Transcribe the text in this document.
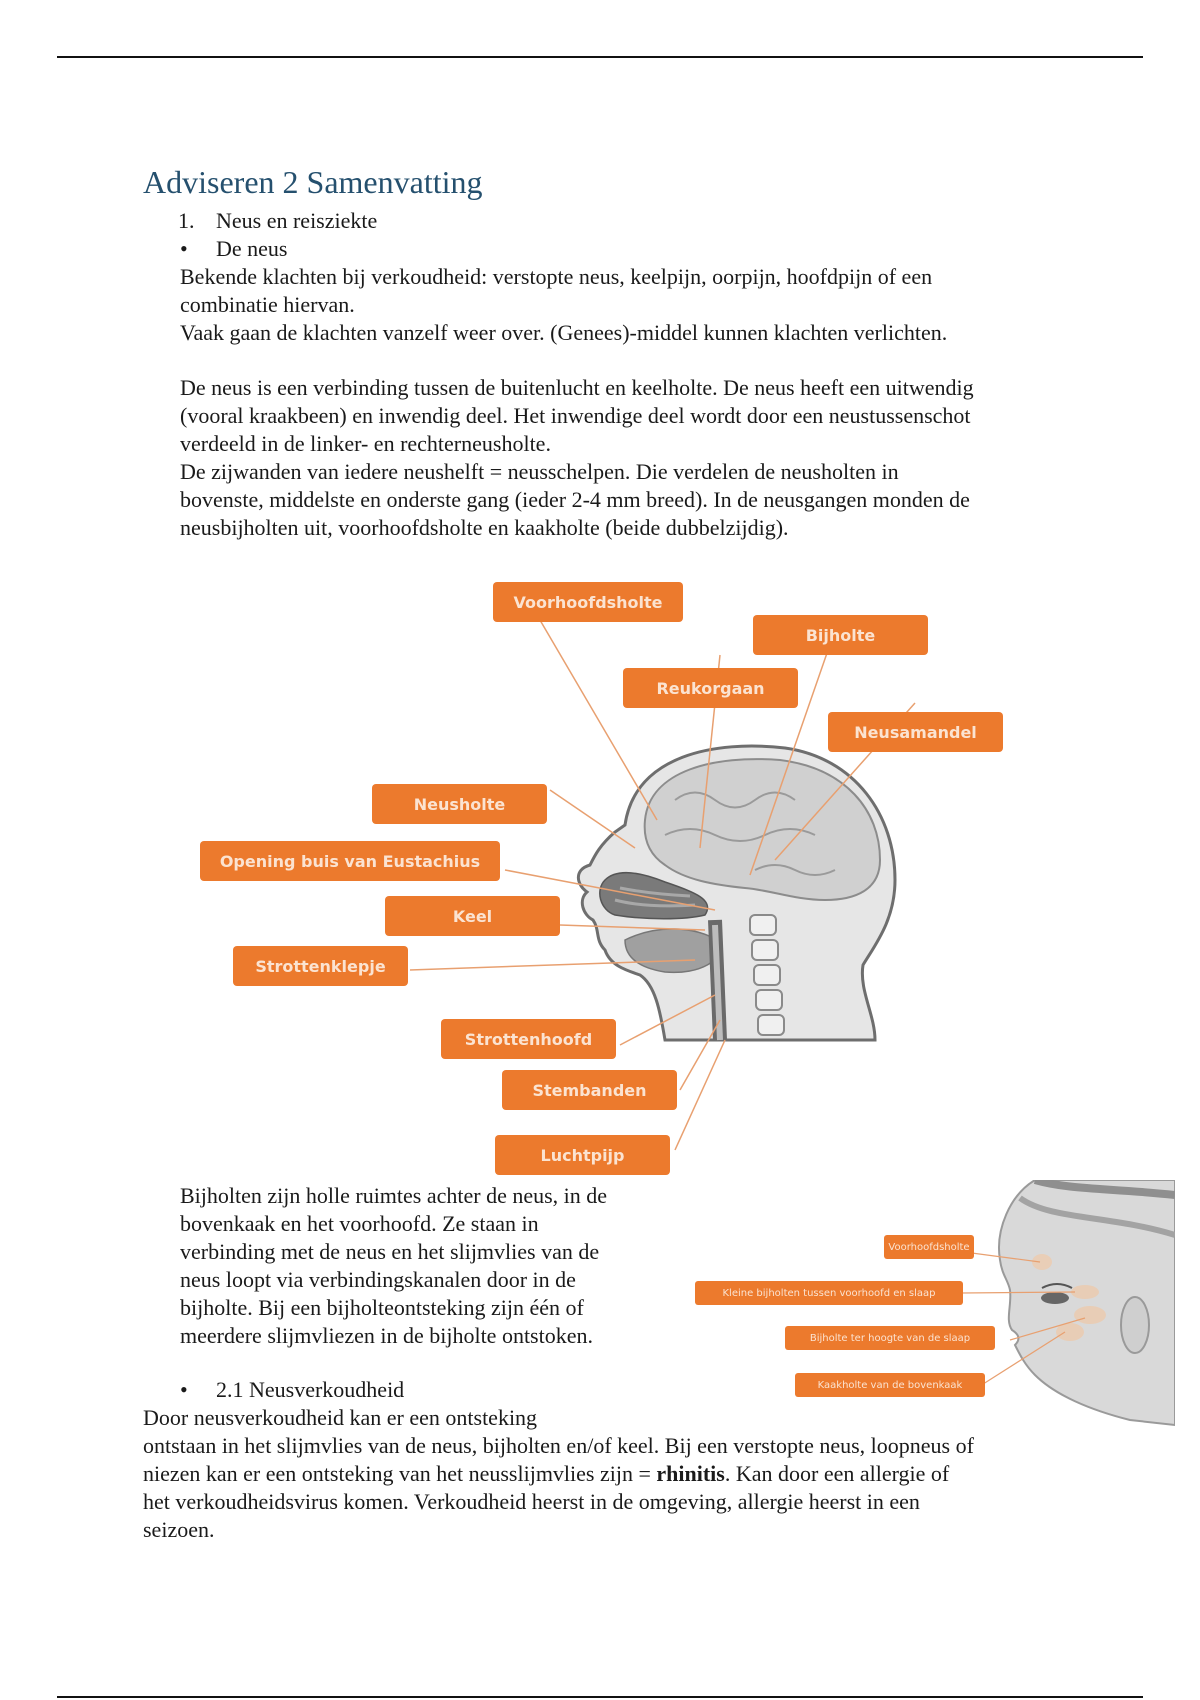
Adviseren 2 Samenvatting
1. Neus en reisziekte
• De neus

Bekende klachten bij verkoudheid: verstopte neus, keelpijn, oorpijn, hoofdpijn of een
combinatie hiervan.
Vaak gaan de klachten vanzelf weer over. (Genees)-middel kunnen klachten verlichten.

De neus is een verbinding tussen de buitenlucht en keelholte. De neus heeft een uitwendig
(vooral kraakbeen) en inwendig deel. Het inwendige deel wordt door een neustussenschot
verdeeld in de linker- en rechterneusholte.
De zijwanden van iedere neushelft = neusschelpen. Die verdelen de neusholten in
bovenste, middelste en onderste gang (ieder 2-4 mm breed). In de neusgangen monden de
neusbijholten uit, voorhoofdsholte en kaakholte (beide dubbelzijdig).

Voorhoofdsholte
Bijholte
Reukorgaan
Neusamandel
Neusholte
Opening buis van Eustachius
Keel
Strottenklepje
Strottenhoofd
Stembanden
Luchtpijp

Bijholten zijn holle ruimtes achter de neus, in de
bovenkaak en het voorhoofd. Ze staan in
verbinding met de neus en het slijmvlies van de
neus loopt via verbindingskanalen door in de
bijholte. Bij een bijholteontsteking zijn één of
meerdere slijmvliezen in de bijholte ontstoken.

Voorhoofdsholte
Kleine bijholten tussen voorhoofd en slaap
Bijholte ter hoogte van de slaap
Kaakholte van de bovenkaak
• 2.1 Neusverkoudheid

Door neusverkoudheid kan er een ontsteking
ontstaan in het slijmvlies van de neus, bijholten en/of keel. Bij een verstopte neus, loopneus of
niezen kan er een ontsteking van het neusslijmvlies zijn = rhinitis. Kan door een allergie of
het verkoudheidsvirus komen. Verkoudheid heerst in de omgeving, allergie heerst in een
seizoen.
